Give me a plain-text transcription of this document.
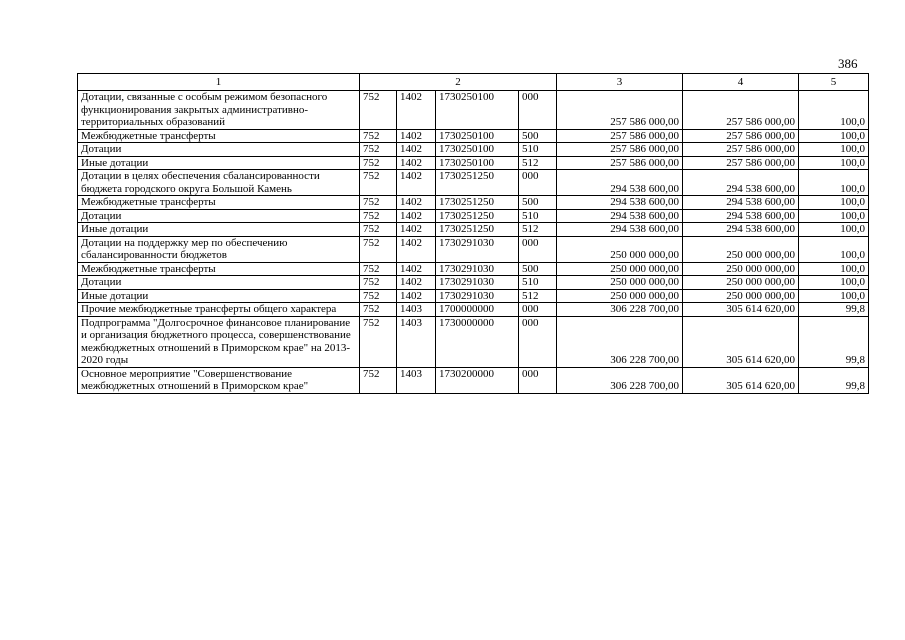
386
1	2				3	4	5
Дотации, связанные с особым режимом безопасного функционирования закрытых административно-территориальных образований	752	1402	1730250100	000	257 586 000,00	257 586 000,00	100,0
Межбюджетные трансферты	752	1402	1730250100	500	257 586 000,00	257 586 000,00	100,0
Дотации	752	1402	1730250100	510	257 586 000,00	257 586 000,00	100,0
Иные дотации	752	1402	1730250100	512	257 586 000,00	257 586 000,00	100,0
Дотации в целях обеспечения сбалансированности бюджета городского округа Большой Камень	752	1402	1730251250	000	294 538 600,00	294 538 600,00	100,0
Межбюджетные трансферты	752	1402	1730251250	500	294 538 600,00	294 538 600,00	100,0
Дотации	752	1402	1730251250	510	294 538 600,00	294 538 600,00	100,0
Иные дотации	752	1402	1730251250	512	294 538 600,00	294 538 600,00	100,0
Дотации на поддержку мер по обеспечению сбалансированности бюджетов	752	1402	1730291030	000	250 000 000,00	250 000 000,00	100,0
Межбюджетные трансферты	752	1402	1730291030	500	250 000 000,00	250 000 000,00	100,0
Дотации	752	1402	1730291030	510	250 000 000,00	250 000 000,00	100,0
Иные дотации	752	1402	1730291030	512	250 000 000,00	250 000 000,00	100,0
Прочие межбюджетные трансферты общего характера	752	1403	1700000000	000	306 228 700,00	305 614 620,00	99,8
Подпрограмма "Долгосрочное финансовое планирование и организация бюджетного процесса, совершенствование межбюджетных отношений в Приморском крае" на 2013-2020 годы	752	1403	1730000000	000	306 228 700,00	305 614 620,00	99,8
Основное мероприятие "Совершенствование межбюджетных отношений в Приморском крае"	752	1403	1730200000	000	306 228 700,00	305 614 620,00	99,8
